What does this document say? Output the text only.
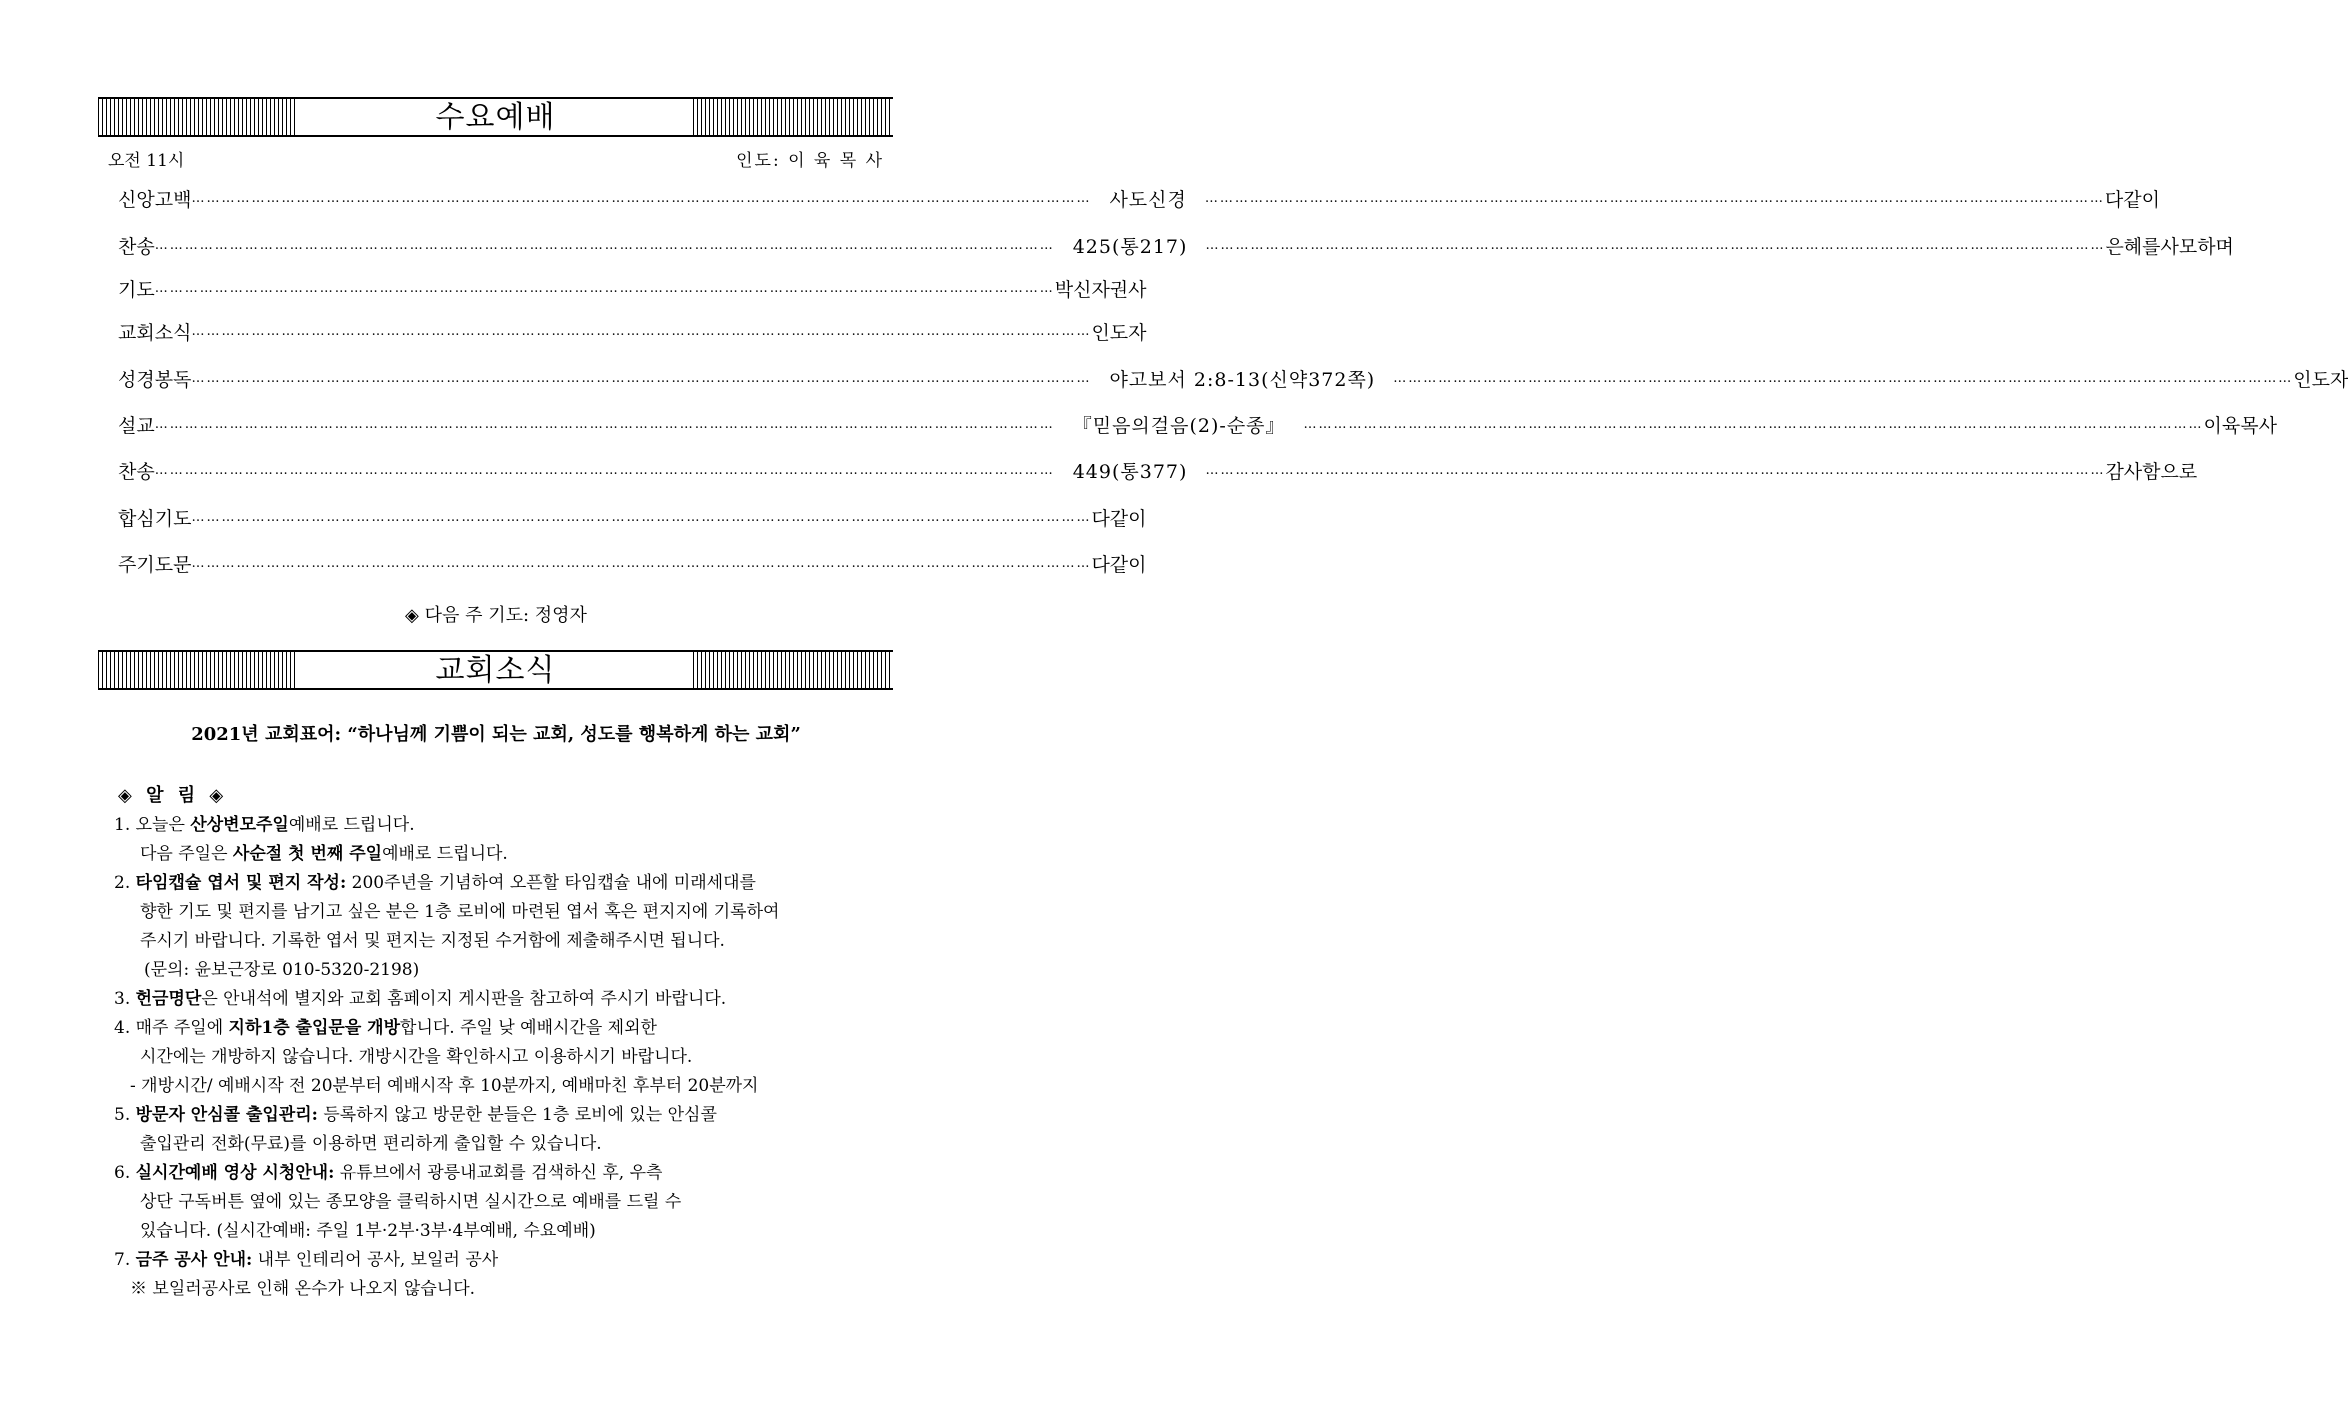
수요예배
오전 11시	인도: 이 육 목 사
신 앙 고 백 ……………………………………………………………………………………………………………………………………………………………… 사도신경	……………………………………………………………………………………………………………………………………………………………… 다 같 이
찬 송 ……………………………………………………………………………………………………………………………………………………………… 425(통217)	……………………………………………………………………………………………………………………………………………………………… 은혜를 사모하며
기 도 ……………………………………………………………………………………………………………………………………………………………… 박 신 자 권 사
교 회 소 식 ……………………………………………………………………………………………………………………………………………………………… 인 도 자
성 경 봉 독 ……………………………………………………………………………………………………………………………………………………………… 야고보서 2:8-13(신약372쪽)	……………………………………………………………………………………………………………………………………………………………… 인 도 자
설 교 ……………………………………………………………………………………………………………………………………………………………… 『믿음의걸음(2)-순종』	……………………………………………………………………………………………………………………………………………………………… 이 육 목 사
찬 송 ……………………………………………………………………………………………………………………………………………………………… 449(통377)	……………………………………………………………………………………………………………………………………………………………… 감 사 함 으 로
합 심 기 도 ……………………………………………………………………………………………………………………………………………………………… 다 같 이
주 기 도 문 ……………………………………………………………………………………………………………………………………………………………… 다 같 이
◈ 다음 주 기도: 정영자
교회소식
2021년 교회표어: “하나님께 기쁨이 되는 교회, 성도를 행복하게 하는 교회”
◈ 알 림 ◈
1. 오늘은 산상변모주일예배로 드립니다.
다음 주일은 사순절 첫 번째 주일예배로 드립니다.
2. 타임캡슐 엽서 및 편지 작성: 200주년을 기념하여 오픈할 타임캡슐 내에 미래세대를
향한 기도 및 편지를 남기고 싶은 분은 1층 로비에 마련된 엽서 혹은 편지지에 기록하여
주시기 바랍니다. 기록한 엽서 및 편지는 지정된 수거함에 제출해주시면 됩니다.
(문의: 윤보근장로 010-5320-2198)
3. 헌금명단은 안내석에 별지와 교회 홈페이지 게시판을 참고하여 주시기 바랍니다.
4. 매주 주일에 지하1층 출입문을 개방합니다. 주일 낮 예배시간을 제외한
시간에는 개방하지 않습니다. 개방시간을 확인하시고 이용하시기 바랍니다.
- 개방시간/ 예배시작 전 20분부터 예배시작 후 10분까지, 예배마친 후부터 20분까지
5. 방문자 안심콜 출입관리: 등록하지 않고 방문한 분들은 1층 로비에 있는 안심콜
출입관리 전화(무료)를 이용하면 편리하게 출입할 수 있습니다.
6. 실시간예배 영상 시청안내: 유튜브에서 광릉내교회를 검색하신 후, 우측
상단 구독버튼 옆에 있는 종모양을 클릭하시면 실시간으로 예배를 드릴 수
있습니다. (실시간예배: 주일 1부·2부·3부·4부예배, 수요예배)
7. 금주 공사 안내: 내부 인테리어 공사, 보일러 공사
※ 보일러공사로 인해 온수가 나오지 않습니다.
